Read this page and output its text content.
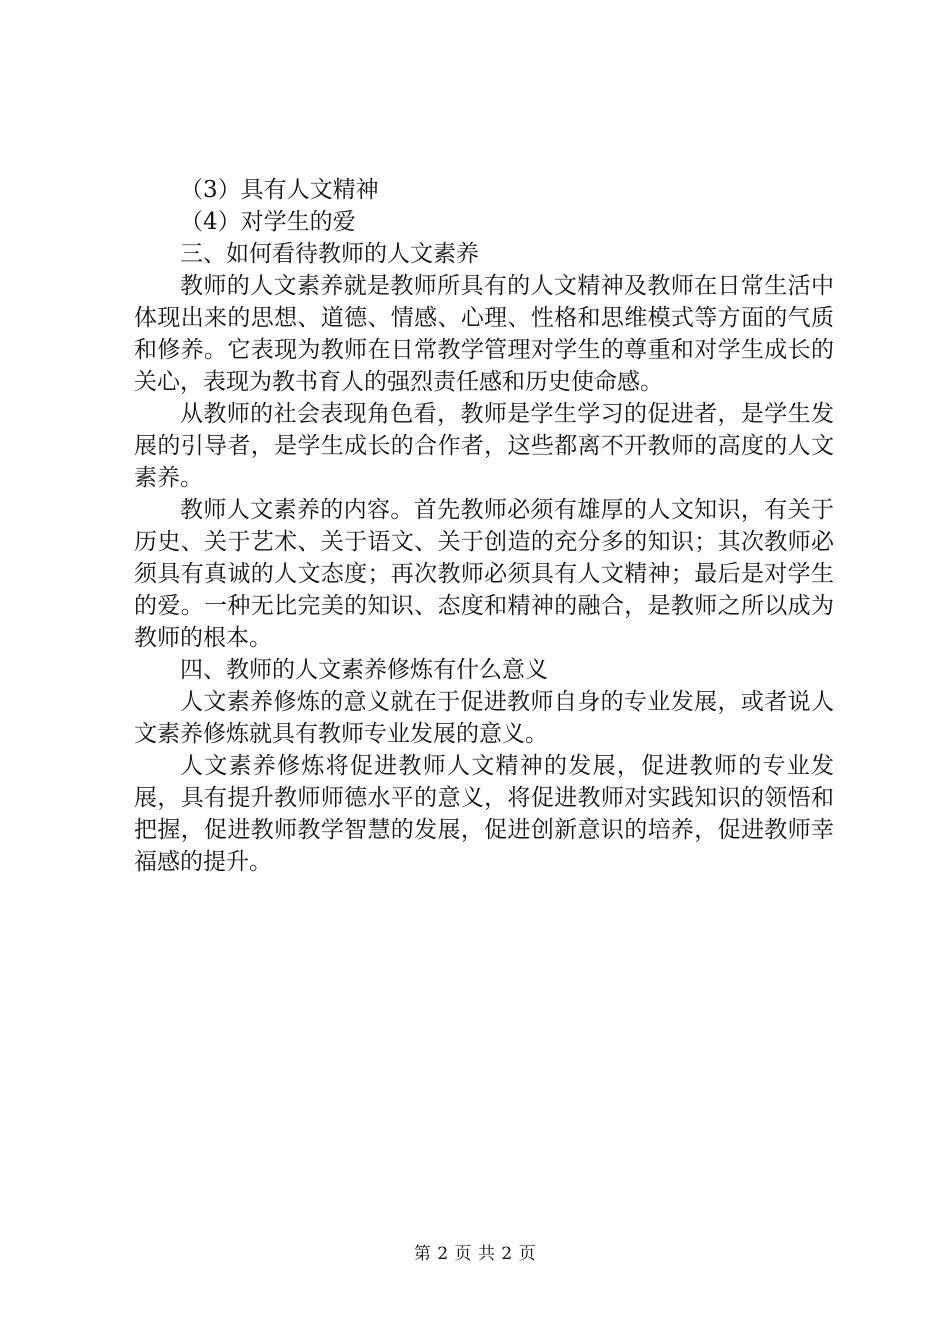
（3）具有人文精神
（4）对学生的爱
三、如何看待教师的人文素养

教师的人文素养就是教师所具有的人文精神及教师在日常生活中体现出来的思想、道德、情感、心理、性格和思维模式等方面的气质和修养。它表现为教师在日常教学管理对学生的尊重和对学生成长的关心，表现为教书育人的强烈责任感和历史使命感。

从教师的社会表现角色看，教师是学生学习的促进者，是学生发展的引导者，是学生成长的合作者，这些都离不开教师的高度的人文素养。

教师人文素养的内容。首先教师必须有雄厚的人文知识，有关于历史、关于艺术、关于语文、关于创造的充分多的知识；其次教师必须具有真诚的人文态度；再次教师必须具有人文精神；最后是对学生的爱。一种无比完美的知识、态度和精神的融合，是教师之所以成为教师的根本。

四、教师的人文素养修炼有什么意义

人文素养修炼的意义就在于促进教师自身的专业发展，或者说人文素养修炼就具有教师专业发展的意义。

人文素养修炼将促进教师人文精神的发展，促进教师的专业发展，具有提升教师师德水平的意义，将促进教师对实践知识的领悟和把握，促进教师教学智慧的发展，促进创新意识的培养，促进教师幸福感的提升。

第 2 页 共 2 页
